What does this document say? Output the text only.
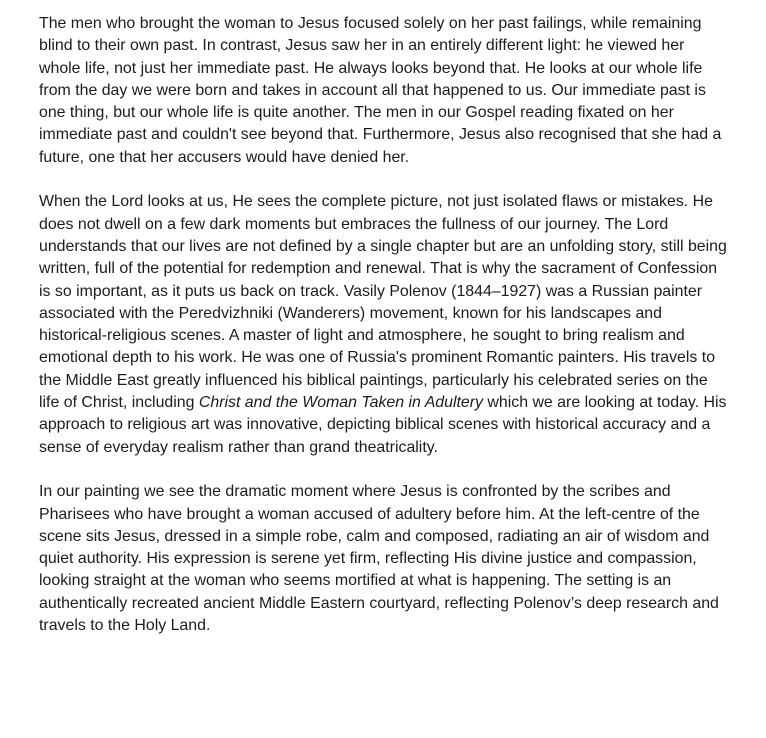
The men who brought the woman to Jesus focused solely on her past failings, while remaining blind to their own past. In contrast, Jesus saw her in an entirely different light: he viewed her whole life, not just her immediate past. He always looks beyond that. He looks at our whole life from the day we were born and takes in account all that happened to us. Our immediate past is one thing, but our whole life is quite another. The men in our Gospel reading fixated on her immediate past and couldn't see beyond that. Furthermore, Jesus also recognised that she had a future, one that her accusers would have denied her.

When the Lord looks at us, He sees the complete picture, not just isolated flaws or mistakes. He does not dwell on a few dark moments but embraces the fullness of our journey. The Lord understands that our lives are not defined by a single chapter but are an unfolding story, still being written, full of the potential for redemption and renewal. That is why the sacrament of Confession is so important, as it puts us back on track. Vasily Polenov (1844–1927) was a Russian painter associated with the Peredvizhniki (Wanderers) movement, known for his landscapes and historical-religious scenes. A master of light and atmosphere, he sought to bring realism and emotional depth to his work. He was one of Russia's prominent Romantic painters. His travels to the Middle East greatly influenced his biblical paintings, particularly his celebrated series on the life of Christ, including Christ and the Woman Taken in Adultery which we are looking at today. His approach to religious art was innovative, depicting biblical scenes with historical accuracy and a sense of everyday realism rather than grand theatricality.

In our painting we see the dramatic moment where Jesus is confronted by the scribes and Pharisees who have brought a woman accused of adultery before him. At the left-centre of the scene sits Jesus, dressed in a simple robe, calm and composed, radiating an air of wisdom and quiet authority. His expression is serene yet firm, reflecting His divine justice and compassion, looking straight at the woman who seems mortified at what is happening. The setting is an authentically recreated ancient Middle Eastern courtyard, reflecting Polenov’s deep research and travels to the Holy Land.
